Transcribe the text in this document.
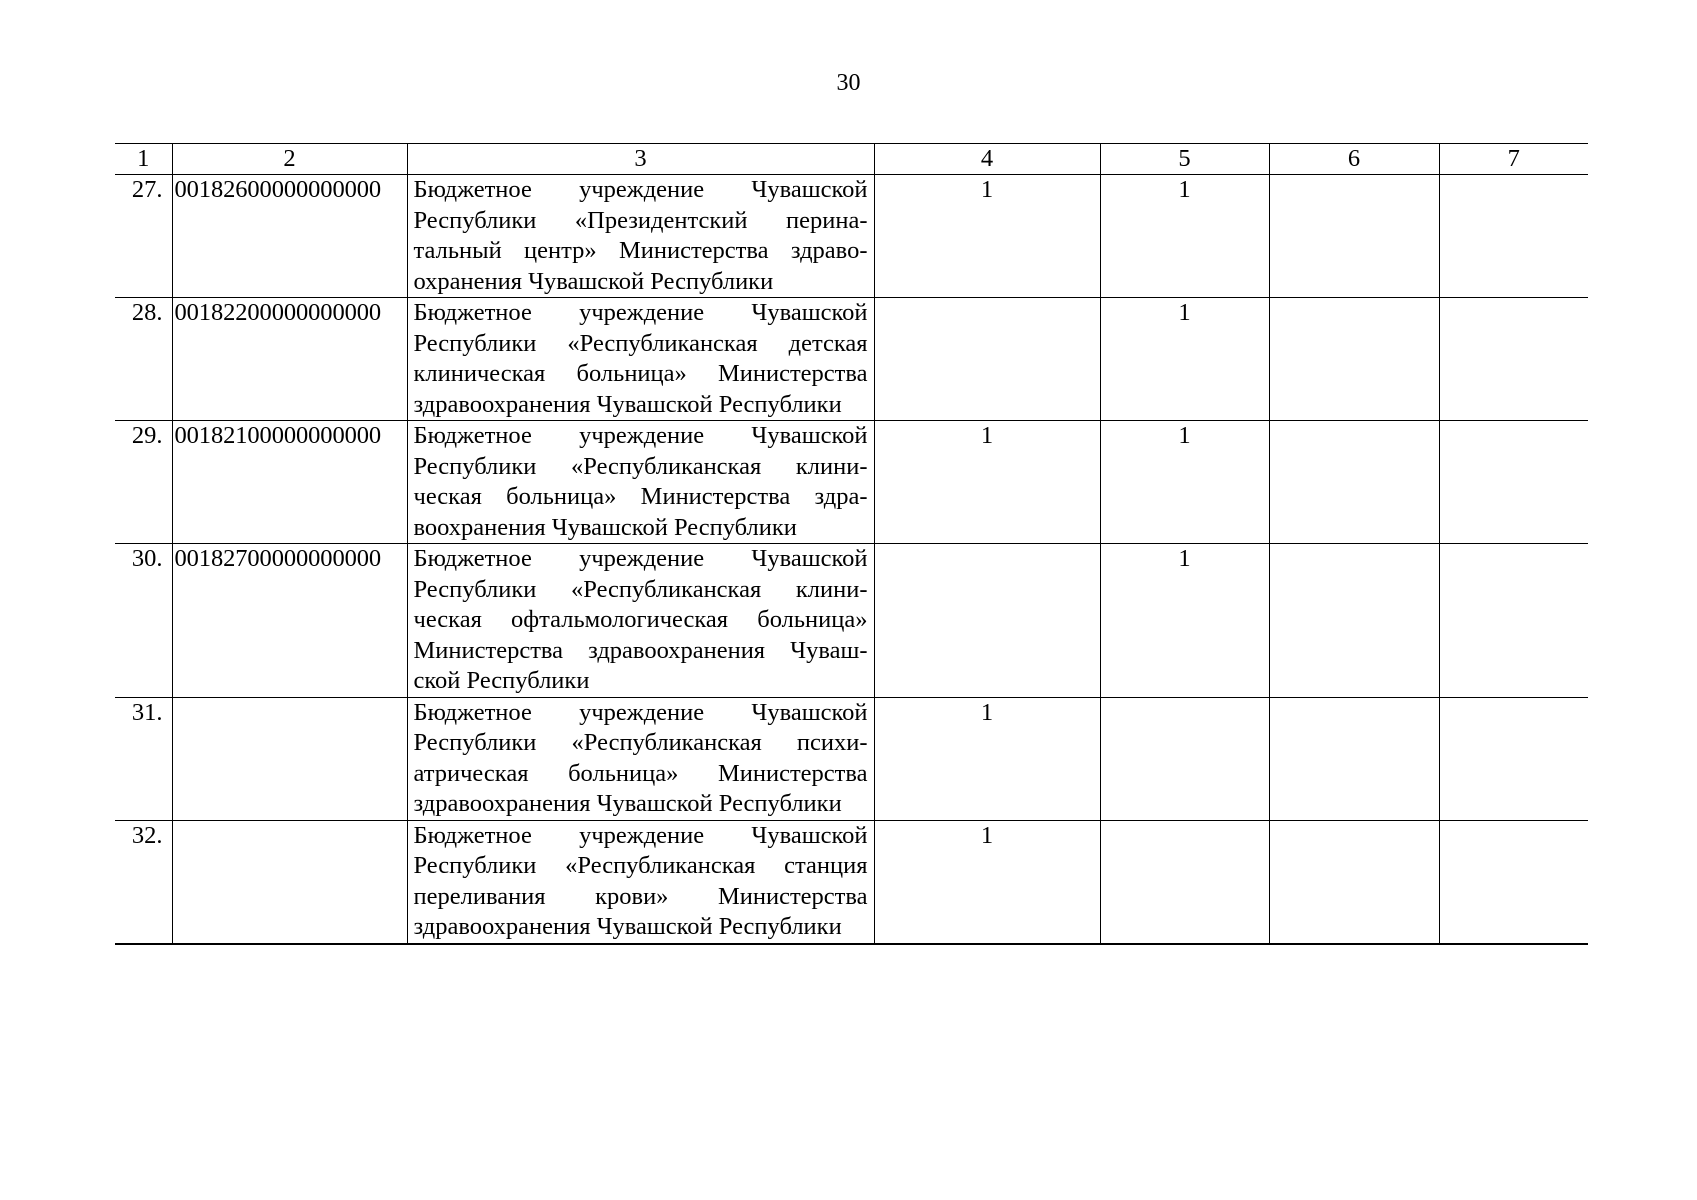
30
1	2	3	4	5	6	7
27.	00182600000000000	Бюджетное учреждение Чувашской Республики «Президентский перинатальный центр» Министерства здравоохранения Чувашской Республики	1	1		
28.	00182200000000000	Бюджетное учреждение Чувашской Республики «Республиканская детская клиническая больница» Министерства здравоохранения Чувашской Республики		1		
29.	00182100000000000	Бюджетное учреждение Чувашской Республики «Республиканская клиническая больница» Министерства здравоохранения Чувашской Республики	1	1		
30.	00182700000000000	Бюджетное учреждение Чувашской Республики «Республиканская клиническая офтальмологическая больница» Министерства здравоохранения Чувашской Республики		1		
31.		Бюджетное учреждение Чувашской Республики «Республиканская психиатрическая больница» Министерства здравоохранения Чувашской Республики	1			
32.		Бюджетное учреждение Чувашской Республики «Республиканская станция переливания крови» Министерства здравоохранения Чувашской Республики	1			
